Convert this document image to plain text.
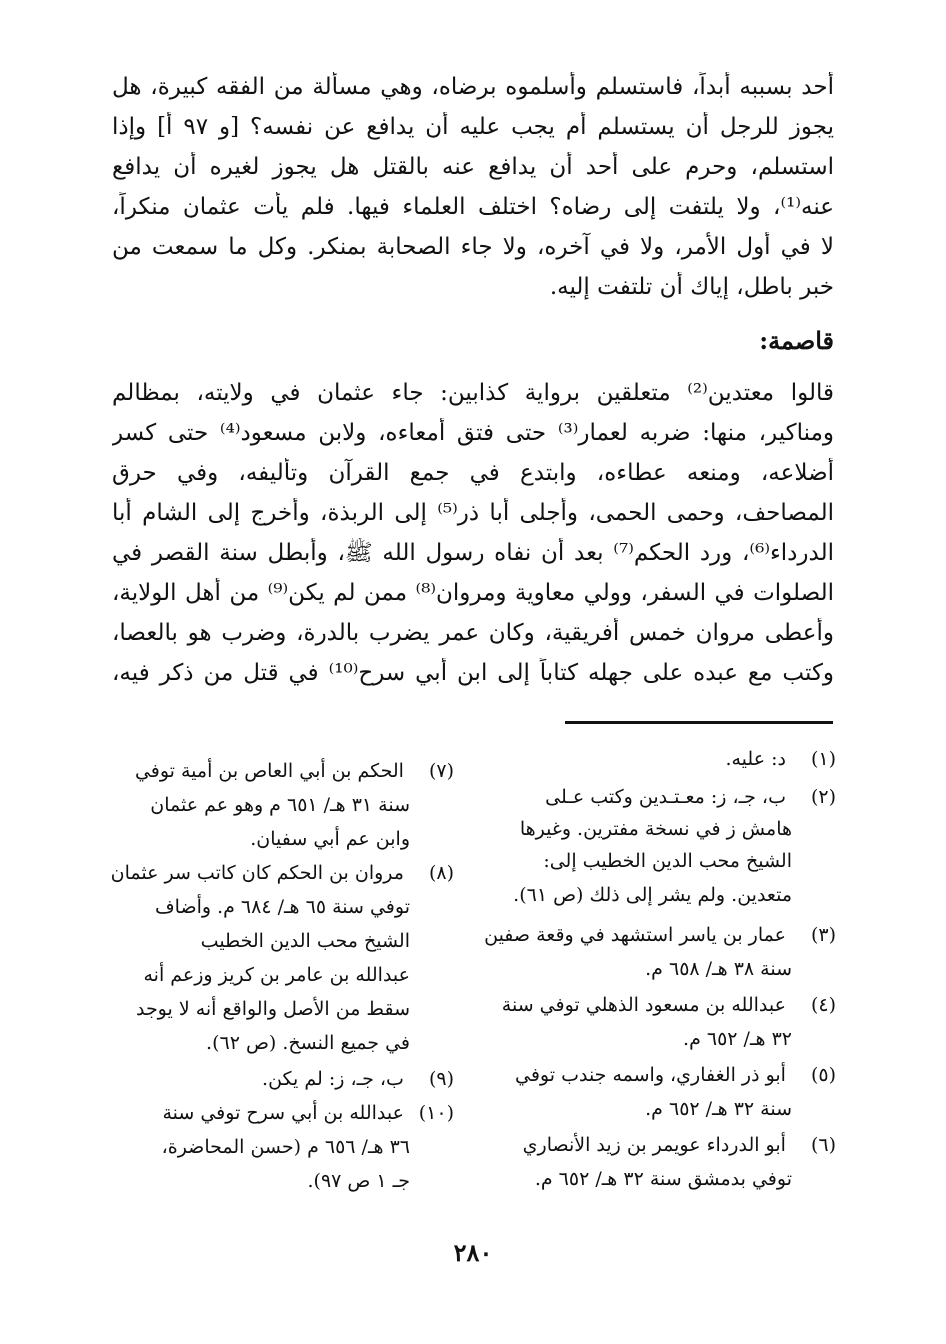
أحد بسببه أبداً، فاستسلم وأسلموه برضاه، وهي مسألة من الفقه كبيرة، هل
يجوز للرجل أن يستسلم أم يجب عليه أن يدافع عن نفسه؟ [و ٩٧ أ] وإذا
استسلم، وحرم على أحد أن يدافع عنه بالقتل هل يجوز لغيره أن يدافع
عنه⁽¹⁾، ولا يلتفت إلى رضاه؟ اختلف العلماء فيها. فلم يأت عثمان منكراً،
لا في أول الأمر، ولا في آخره، ولا جاء الصحابة بمنكر. وكل ما سمعت من
خبر باطل، إياك أن تلتفت إليه.
قاصمة:
قالوا معتدين⁽²⁾ متعلقين برواية كذابين: جاء عثمان في ولايته، بمظالم
ومناكير، منها: ضربه لعمار⁽³⁾ حتى فتق أمعاءه، ولابن مسعود⁽⁴⁾ حتى كسر
أضلاعه، ومنعه عطاءه، وابتدع في جمع القرآن وتأليفه، وفي حرق
المصاحف، وحمى الحمى، وأجلى أبا ذر⁽⁵⁾ إلى الربذة، وأخرج إلى الشام أبا
الدرداء⁽⁶⁾، ورد الحكم⁽⁷⁾ بعد أن نفاه رسول الله ﷺ، وأبطل سنة القصر في
الصلوات في السفر، وولي معاوية ومروان⁽⁸⁾ ممن لم يكن⁽⁹⁾ من أهل الولاية،
وأعطى مروان خمس أفريقية، وكان عمر يضرب بالدرة، وضرب هو بالعصا،
وكتب مع عبده على جهله كتاباً إلى ابن أبي سرح⁽¹⁰⁾ في قتل من ذكر فيه،
(١) د: عليه.
(٢) ب، جـ، ز: معـتـدين وكتب عـلى
هامش ز في نسخة مفترين. وغيرها
الشيخ محب الدين الخطيب إلى:
متعدين. ولم يشر إلى ذلك (ص ٦١).
(٣) عمار بن ياسر استشهد في وقعة صفين
سنة ٣٨ هـ/ ٦٥٨ م.
(٤) عبدالله بن مسعود الذهلي توفي سنة
٣٢ هـ/ ٦٥٢ م.
(٥) أبو ذر الغفاري، واسمه جندب توفي
سنة ٣٢ هـ/ ٦٥٢ م.
(٦) أبو الدرداء عويمر بن زيد الأنصاري
توفي بدمشق سنة ٣٢ هـ/ ٦٥٢ م.
(٧) الحكم بن أبي العاص بن أمية توفي
سنة ٣١ هـ/ ٦٥١ م وهو عم عثمان
وابن عم أبي سفيان.
(٨) مروان بن الحكم كان كاتب سر عثمان
توفي سنة ٦٥ هـ/ ٦٨٤ م. وأضاف
الشيخ محب الدين الخطيب
عبدالله بن عامر بن كريز وزعم أنه
سقط من الأصل والواقع أنه لا يوجد
في جميع النسخ. (ص ٦٢).
(٩) ب، جـ، ز: لم يكن.
(١٠) عبدالله بن أبي سرح توفي سنة
٣٦ هـ/ ٦٥٦ م (حسن المحاضرة،
جـ ١ ص ٩٧).
٢٨٠
